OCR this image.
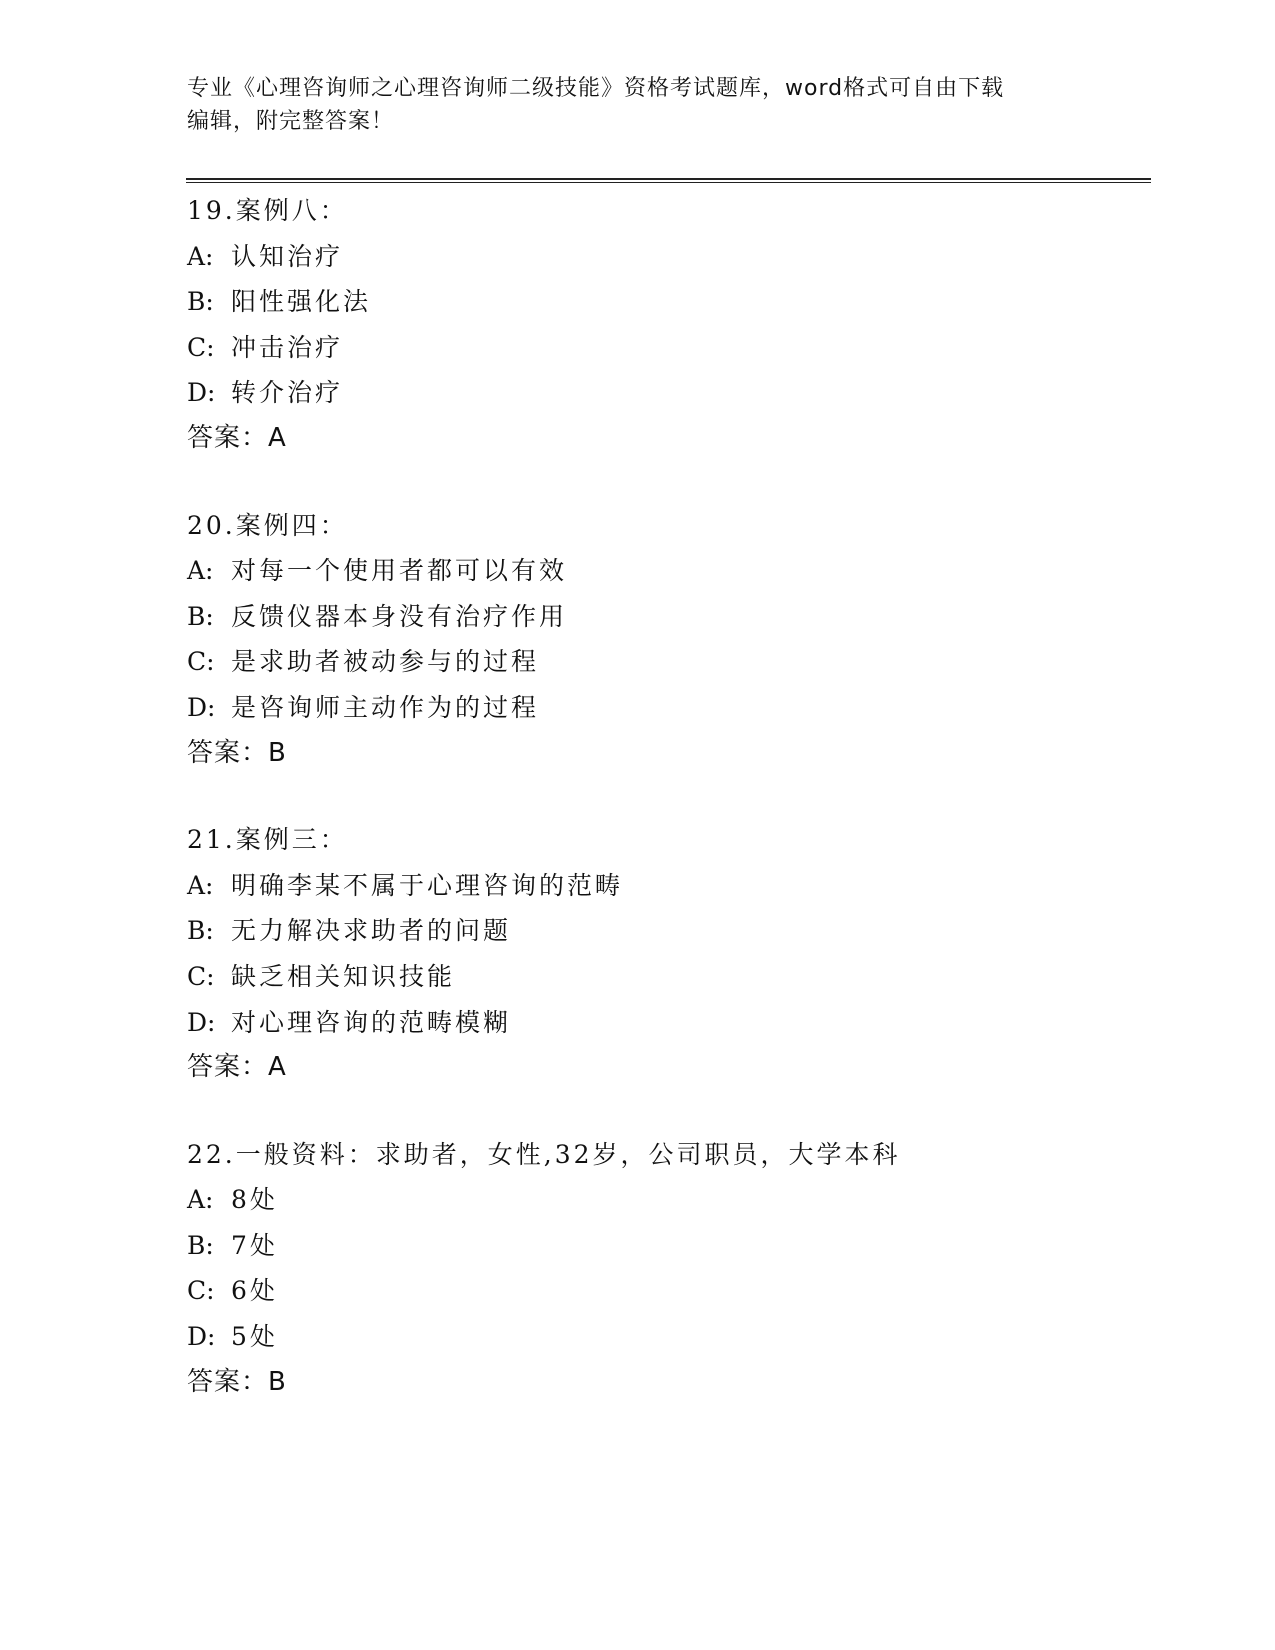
专业《心理咨询师之心理咨询师二级技能》资格考试题库，word格式可自由下载
编辑，附完整答案！
19.案例八：
A: 认知治疗
B: 阳性强化法
C: 冲击治疗
D: 转介治疗
答案：A
20.案例四：
A: 对每一个使用者都可以有效
B: 反馈仪器本身没有治疗作用
C: 是求助者被动参与的过程
D: 是咨询师主动作为的过程
答案：B
21.案例三：
A: 明确李某不属于心理咨询的范畴
B: 无力解决求助者的问题
C: 缺乏相关知识技能
D: 对心理咨询的范畴模糊
答案：A
22.一般资料：求助者，女性,32岁，公司职员，大学本科
A: 8处
B: 7处
C: 6处
D: 5处
答案：B
